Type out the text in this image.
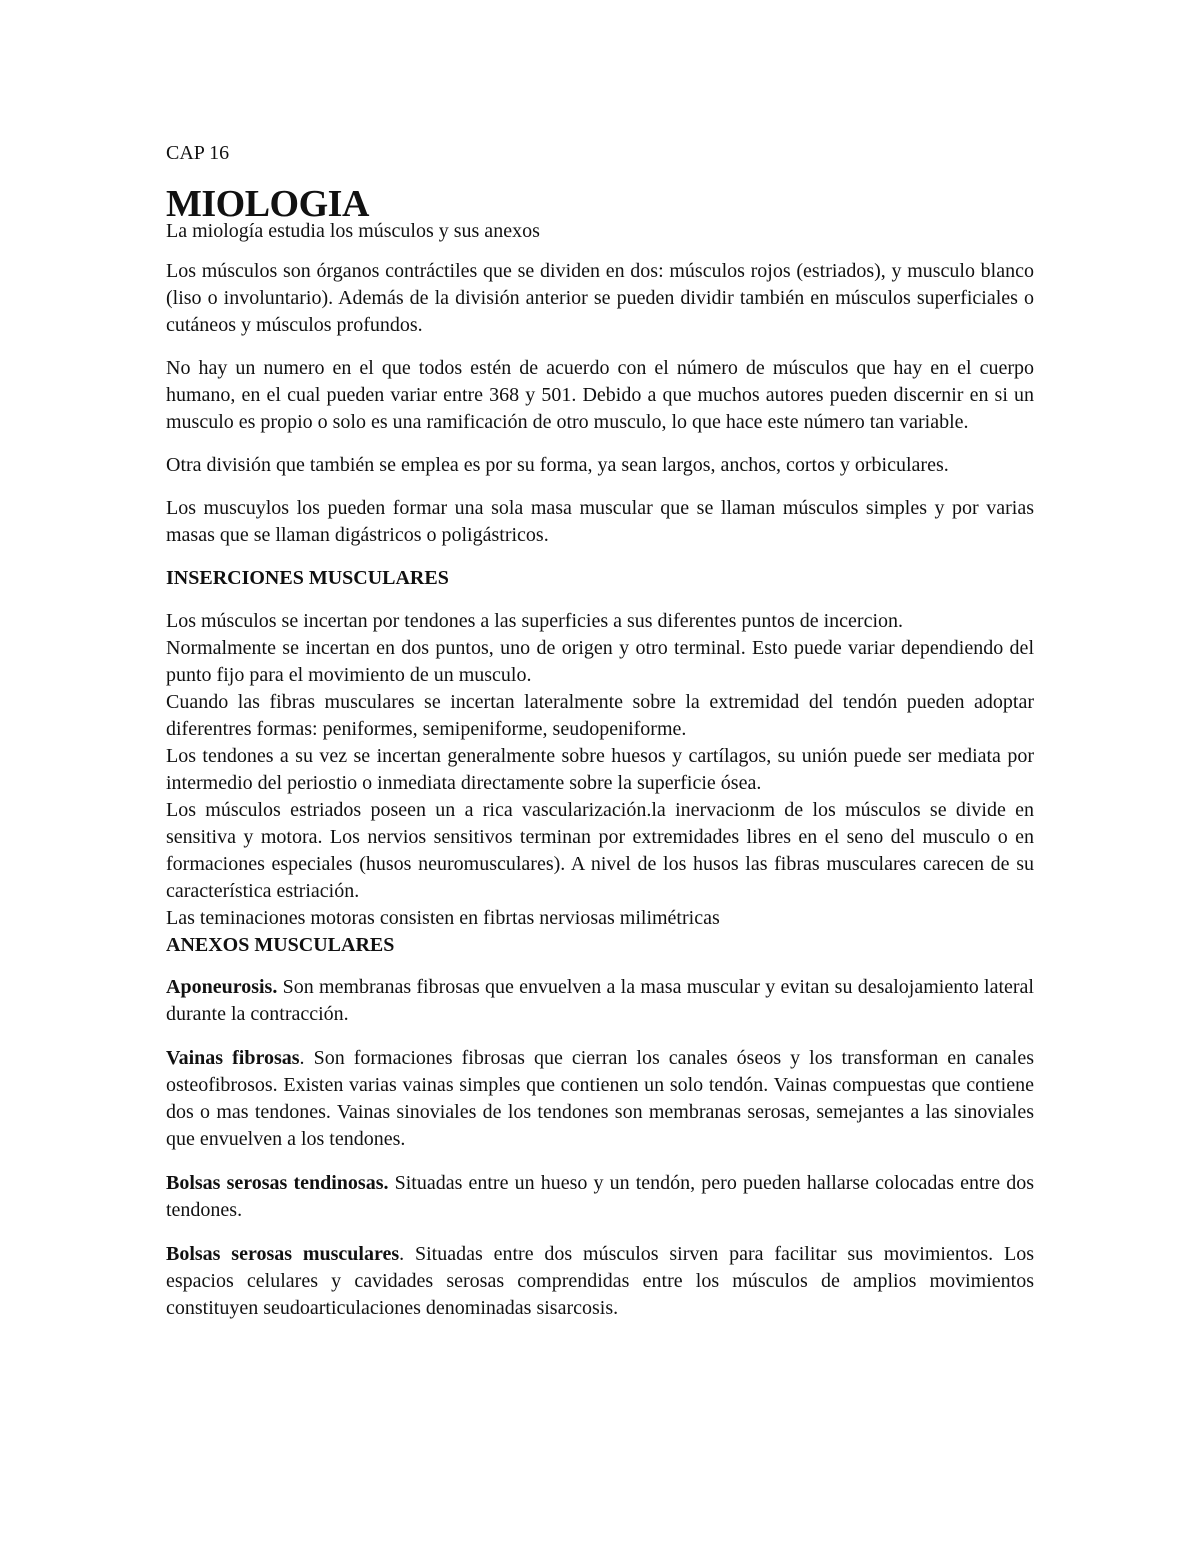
CAP 16
MIOLOGIA

La miología estudia los músculos y sus anexos

Los músculos son órganos contráctiles que se dividen en dos: músculos rojos (estriados), y musculo blanco (liso o involuntario). Además de la división anterior se pueden dividir también en músculos superficiales o cutáneos y músculos profundos.

No hay un numero en el que todos estén de acuerdo con el número de músculos que hay en el cuerpo humano, en el cual pueden variar entre 368 y 501. Debido a que muchos autores pueden discernir en si un musculo es propio o solo es una ramificación de otro musculo, lo que hace este número tan variable.

Otra división que también se emplea es por su forma, ya sean largos, anchos, cortos y orbiculares.

Los muscuylos los pueden formar una sola masa muscular que se llaman músculos simples y por varias masas que se llaman digástricos o poligástricos.

INSERCIONES MUSCULARES

Los músculos se incertan por tendones a las superficies a sus diferentes puntos de incercion.

Normalmente se incertan en dos puntos, uno de origen y otro terminal. Esto puede variar dependiendo del punto fijo para el movimiento de un musculo.

Cuando las fibras musculares se incertan lateralmente sobre la extremidad del tendón pueden adoptar diferentres formas: peniformes, semipeniforme, seudopeniforme.

Los tendones a su vez se incertan generalmente sobre huesos y cartílagos, su unión puede ser mediata por intermedio del periostio o inmediata directamente sobre la superficie ósea.

Los músculos estriados poseen un a rica vascularización.la inervacionm de los músculos se divide en sensitiva y motora. Los nervios sensitivos terminan por extremidades libres en el seno del musculo o en formaciones especiales (husos neuromusculares). A nivel de los husos las fibras musculares carecen de su característica estriación.

Las teminaciones motoras consisten en fibrtas nerviosas milimétricas

ANEXOS MUSCULARES

Aponeurosis. Son membranas fibrosas que envuelven a la masa muscular y evitan su desalojamiento lateral durante la contracción.

Vainas fibrosas. Son formaciones fibrosas que cierran los canales óseos y los transforman en canales osteofibrosos. Existen varias vainas simples que contienen un solo tendón. Vainas compuestas que contiene dos o mas tendones. Vainas sinoviales de los tendones son membranas serosas, semejantes a las sinoviales que envuelven a los tendones.

Bolsas serosas tendinosas. Situadas entre un hueso y un tendón, pero pueden hallarse colocadas entre dos tendones.

Bolsas serosas musculares. Situadas entre dos músculos sirven para facilitar sus movimientos. Los espacios celulares y cavidades serosas comprendidas entre los músculos de amplios movimientos constituyen seudoarticulaciones denominadas sisarcosis.
